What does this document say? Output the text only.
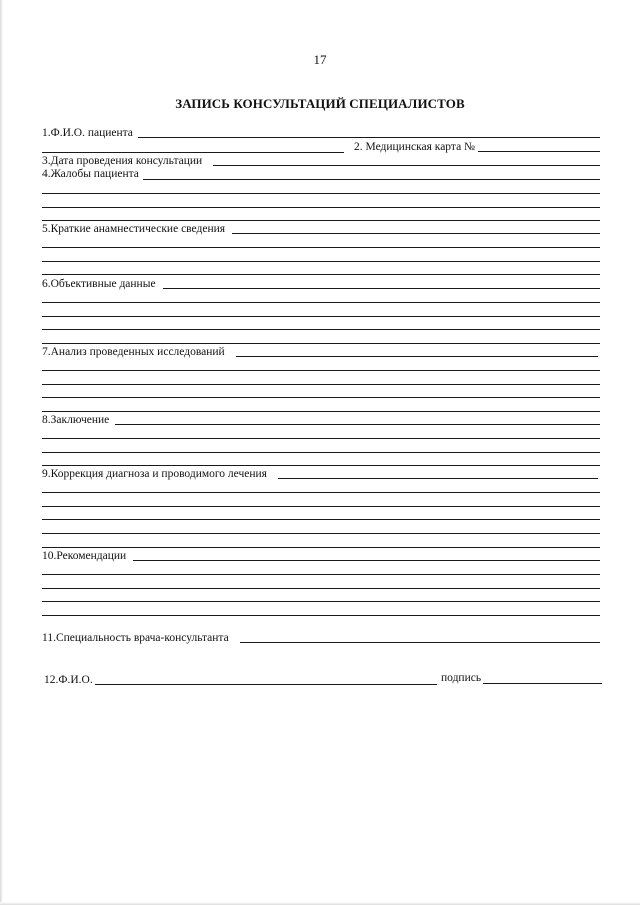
17
ЗАПИСЬ КОНСУЛЬТАЦИЙ СПЕЦИАЛИСТОВ
1.Ф.И.О. пациента
2. Медицинская карта №
3.Дата проведения консультации
4.Жалобы пациента
5.Краткие анамнестические сведения
6.Объективные данные
7.Анализ проведенных исследований
8.Заключение
9.Коррекция диагноза и проводимого лечения
10.Рекомендации
11.Специальность врача-консультанта
12.Ф.И.О.	подпись
